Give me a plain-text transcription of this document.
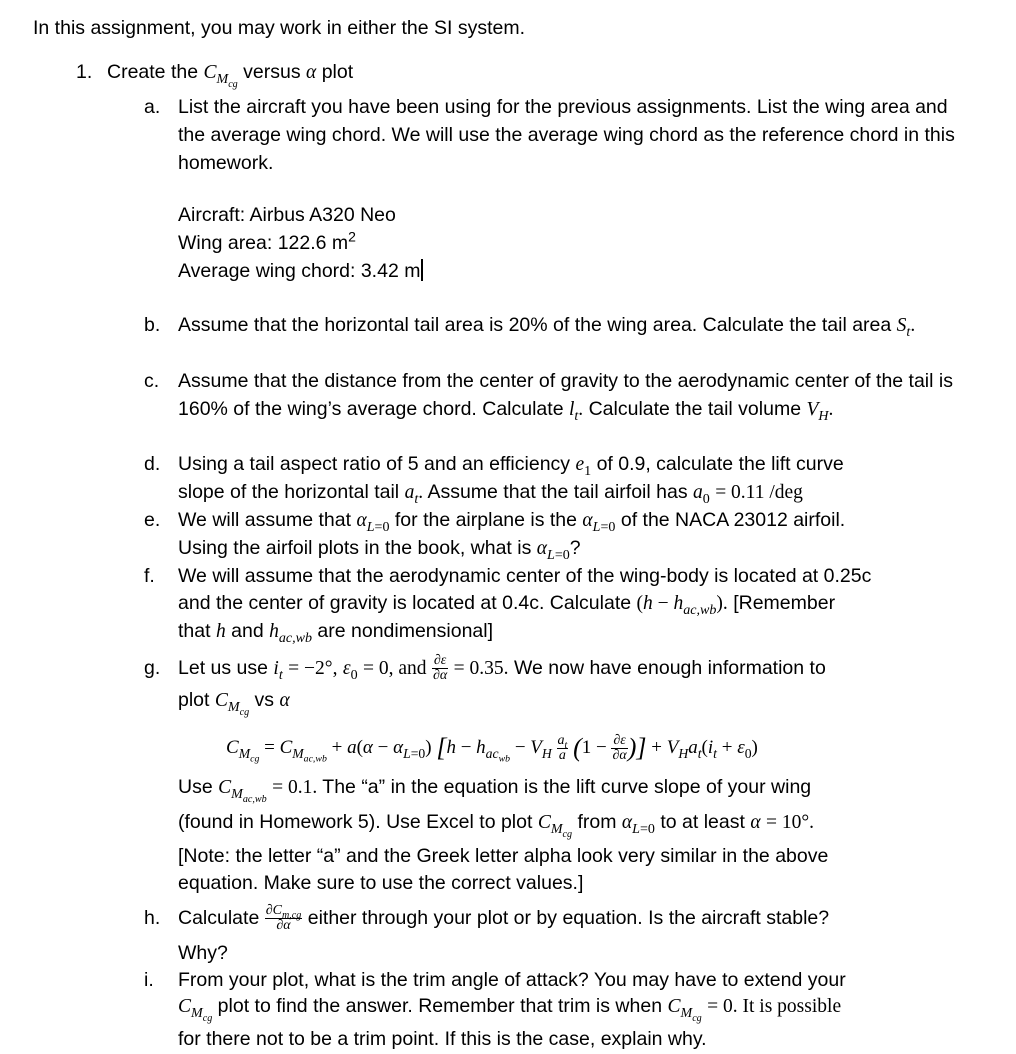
In this assignment, you may work in either the SI system.
1. Create the $C_{M_{cg}}$ versus α plot
a. List the aircraft you have been using for the previous assignments. List the wing area and the average wing chord. We will use the average wing chord as the reference chord in this homework.
Aircraft: Airbus A320 Neo
Wing area: 122.6 $m^2$
Average wing chord: 3.42 m
b. Assume that the horizontal tail area is 20% of the wing area. Calculate the tail area $S_t$.
c. Assume that the distance from the center of gravity to the aerodynamic center of the tail is 160% of the wing’s average chord. Calculate $l_t$. Calculate the tail volume $V_H$.
d. Using a tail aspect ratio of 5 and an efficiency $e_1$ of 0.9, calculate the lift curve
slope of the horizontal tail $a_t$. Assume that the tail airfoil has $a_0 = 0.11$ /deg
e. We will assume that $\alpha_{L=0}$ for the airplane is the $\alpha_{L=0}$ of the NACA 23012 airfoil.
Using the airfoil plots in the book, what is $\alpha_{L=0}$?
f. We will assume that the aerodynamic center of the wing-body is located at 0.25c
and the center of gravity is located at 0.4c. Calculate $(h - h_{ac,wb})$. [Remember
that h and $h_{ac,wb}$ are nondimensional]
g. Let us use $i_t = -2^\circ$, $\varepsilon_0 = 0$, and $\frac{\partial\varepsilon}{\partial\alpha} = 0.35$. We now have enough information to
plot $C_{M_{cg}}$ vs α
$C_{M_{cg}} = C_{M_{ac,wb}} + a(\alpha - \alpha_{L=0}) [h - h_{ac_{wb}} - V_H \frac{a_t}{a} (1 - \frac{\partial\varepsilon}{\partial\alpha}$ )] + $V_Ha_t(i_t + \varepsilon_0)$
Use $C_{M_{ac,wb}} = 0.1$. The “a” in the equation is the lift curve slope of your wing
(found in Homework 5). Use Excel to plot $C_{M_{cg}}$ from $\alpha_{L=0}$ to at least α = 10°.
[Note: the letter “a” and the Greek letter alpha look very similar in the above
equation. Make sure to use the correct values.]
h. Calculate $\frac{\partial C_{m,cg}}{\partial\alpha}$ either through your plot or by equation. Is the aircraft stable?
Why?
i. From your plot, what is the trim angle of attack? You may have to extend your
$C_{M_{cg}}$ plot to find the answer. Remember that trim is when $C_{M_{cg}} = 0$. It is possible
for there not to be a trim point. If this is the case, explain why.
